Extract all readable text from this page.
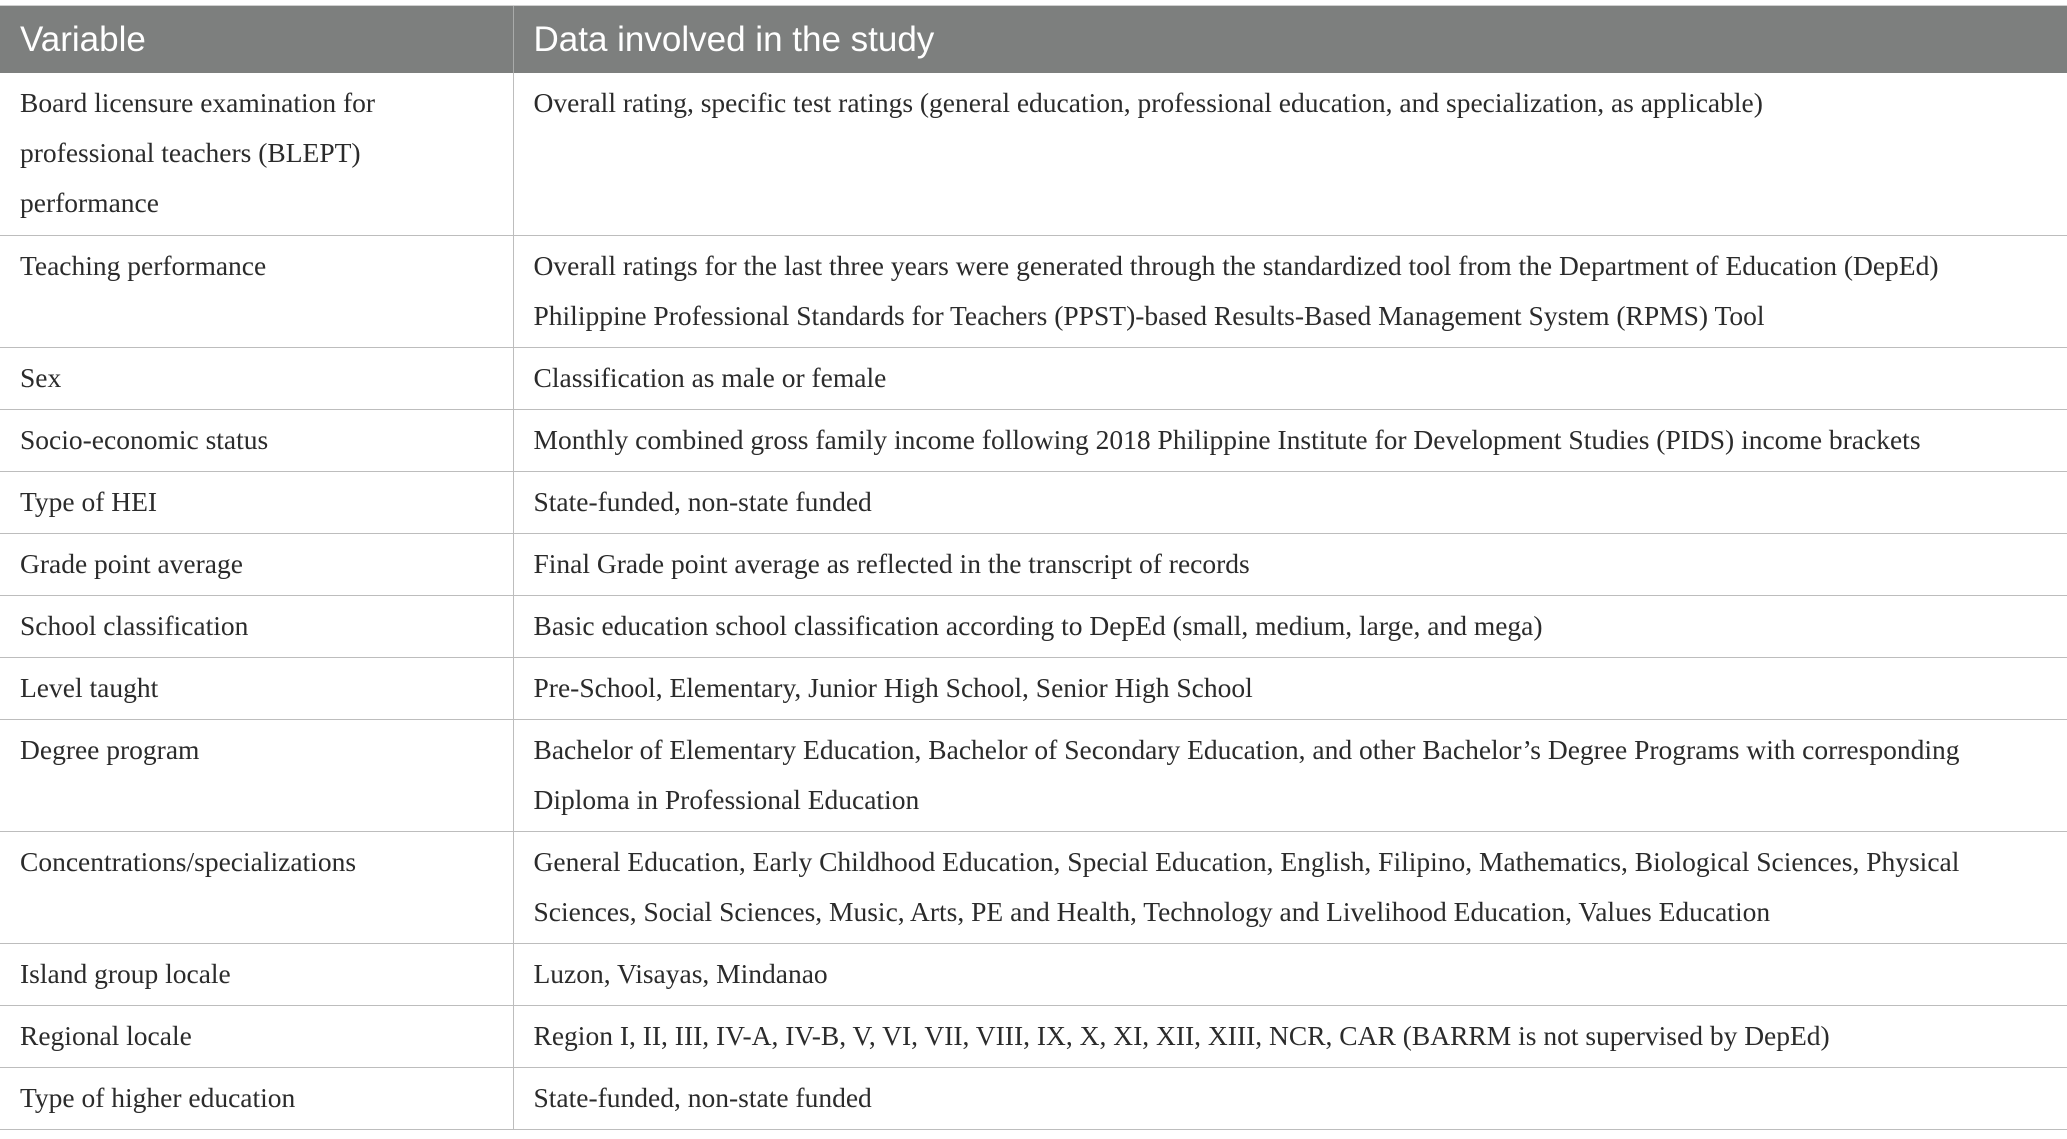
Variable	Data involved in the study
Board licensure examination for professional teachers (BLEPT) performance	Overall rating, specific test ratings (general education, professional education, and specialization, as applicable)
Teaching performance	Overall ratings for the last three years were generated through the standardized tool from the Department of Education (DepEd) Philippine Professional Standards for Teachers (PPST)-based Results-Based Management System (RPMS) Tool
Sex	Classification as male or female
Socio-economic status	Monthly combined gross family income following 2018 Philippine Institute for Development Studies (PIDS) income brackets
Type of HEI	State-funded, non-state funded
Grade point average	Final Grade point average as reflected in the transcript of records
School classification	Basic education school classification according to DepEd (small, medium, large, and mega)
Level taught	Pre-School, Elementary, Junior High School, Senior High School
Degree program	Bachelor of Elementary Education, Bachelor of Secondary Education, and other Bachelor’s Degree Programs with corresponding Diploma in Professional Education
Concentrations/specializations	General Education, Early Childhood Education, Special Education, English, Filipino, Mathematics, Biological Sciences, Physical Sciences, Social Sciences, Music, Arts, PE and Health, Technology and Livelihood Education, Values Education
Island group locale	Luzon, Visayas, Mindanao
Regional locale	Region I, II, III, IV-A, IV-B, V, VI, VII, VIII, IX, X, XI, XII, XIII, NCR, CAR (BARRM is not supervised by DepEd)
Type of higher education	State-funded, non-state funded
